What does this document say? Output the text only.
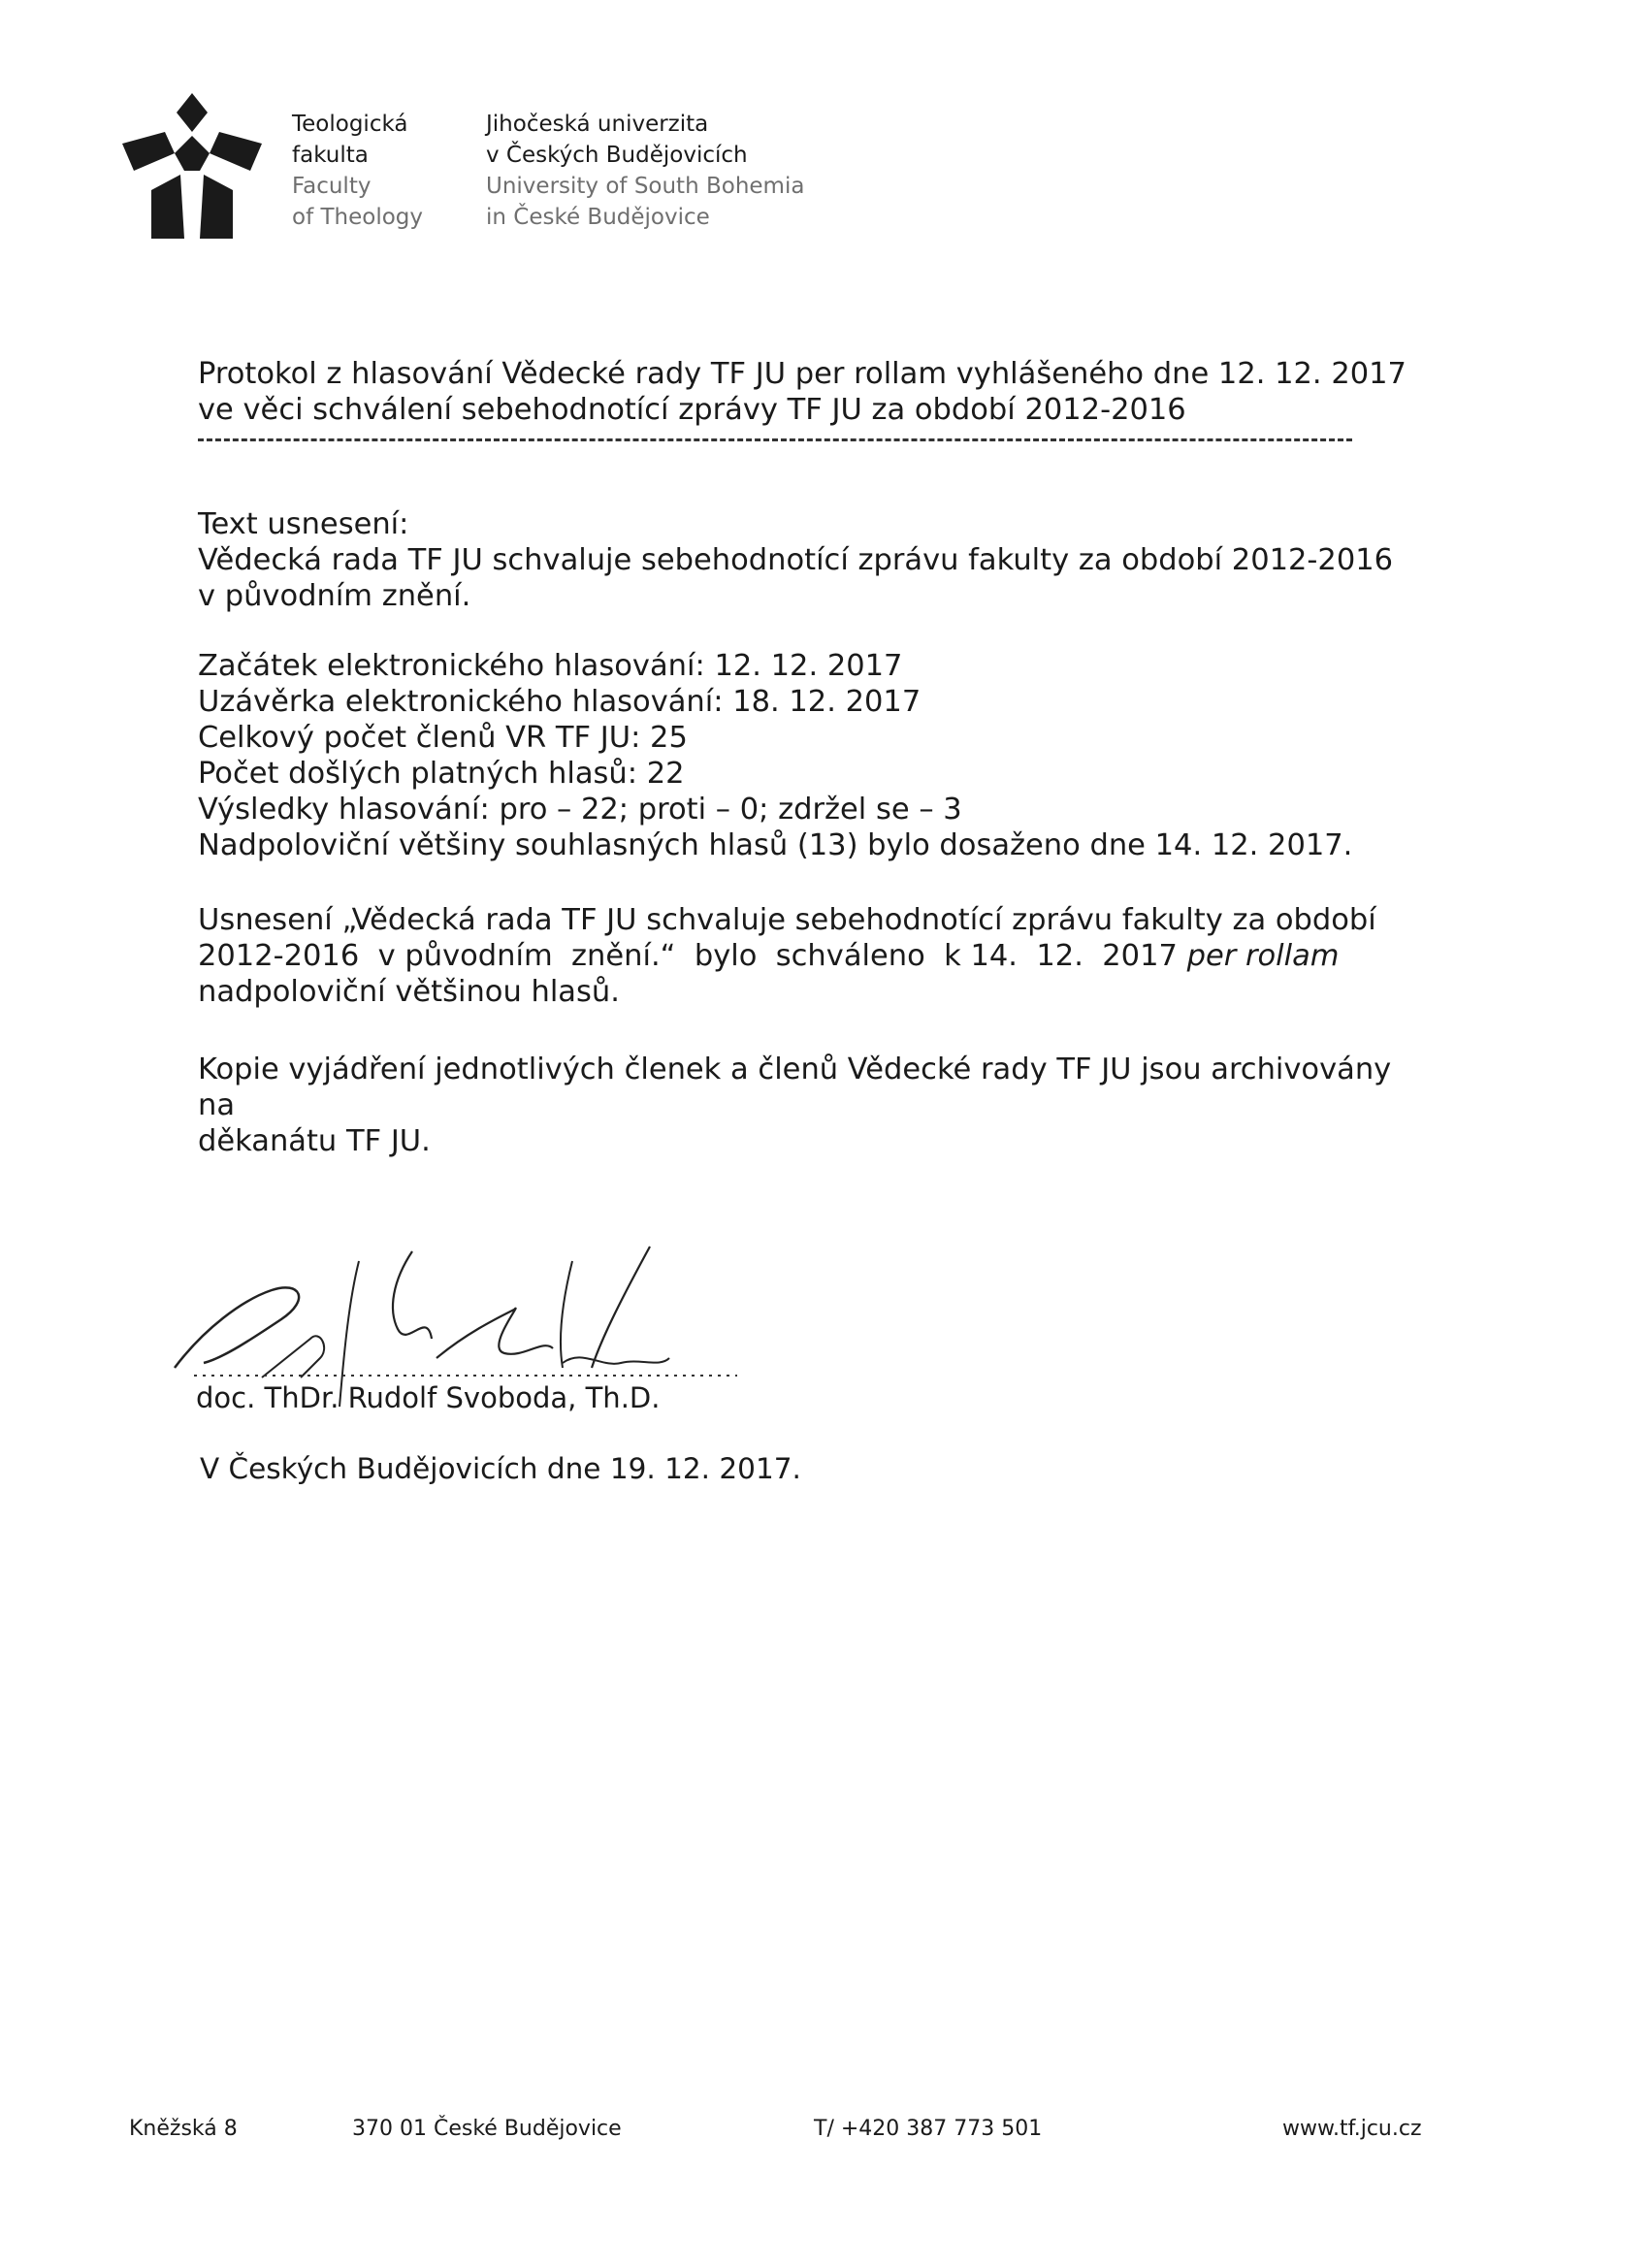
Teologická
fakulta
Faculty
of Theology
Jihočeská univerzita
v Českých Budějovicích
University of South Bohemia
in České Budějovice
Protokol z hlasování Vědecké rady TF JU per rollam vyhlášeného dne 12. 12. 2017
ve věci schválení sebehodnotící zprávy TF JU za období 2012-2016
Text usnesení:
Vědecká rada TF JU schvaluje sebehodnotící zprávu fakulty za období 2012-2016
v původním znění.
Začátek elektronického hlasování: 12. 12. 2017
Uzávěrka elektronického hlasování: 18. 12. 2017
Celkový počet členů VR TF JU: 25
Počet došlých platných hlasů: 22
Výsledky hlasování: pro – 22; proti – 0; zdržel se – 3
Nadpoloviční většiny souhlasných hlasů (13) bylo dosaženo dne 14. 12. 2017.
Usnesení „Vědecká rada TF JU schvaluje sebehodnotící zprávu fakulty za období
2012-2016  v původním  znění.“  bylo  schváleno  k 14.  12.  2017 per rollam
nadpoloviční většinou hlasů.
Kopie vyjádření jednotlivých členek a členů Vědecké rady TF JU jsou archivovány na
děkanátu TF JU.
doc. ThDr. Rudolf Svoboda, Th.D.
V Českých Budějovicích dne 19. 12. 2017.
Kněžská 8	370 01 České Budějovice	T/ +420 387 773 501	www.tf.jcu.cz
